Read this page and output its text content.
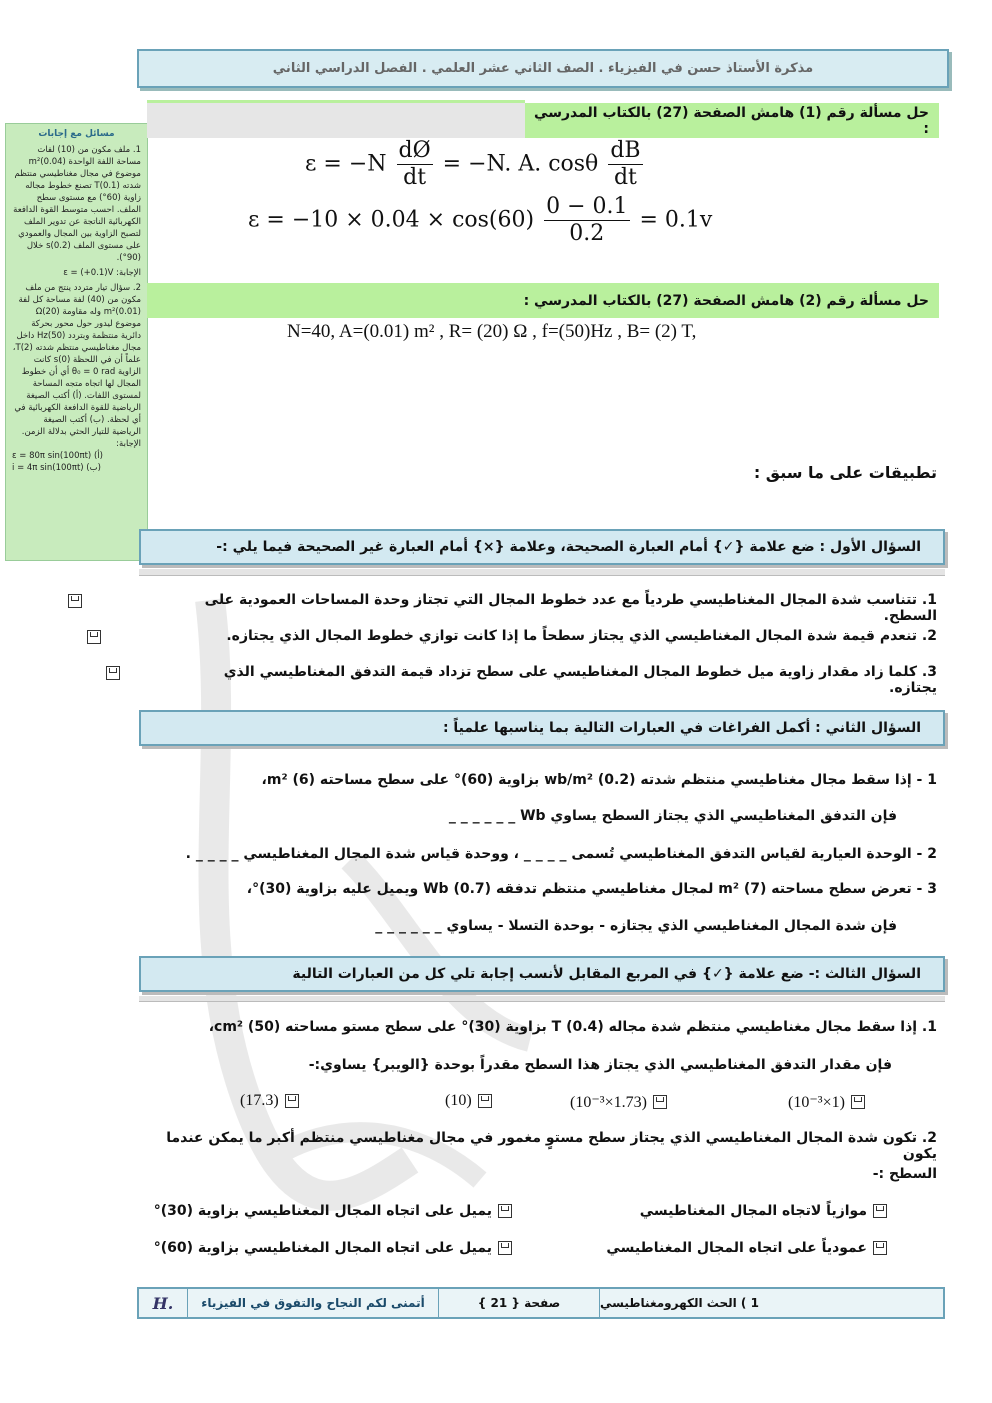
مذكرة الأستاذ حسن في الفيزياء . الصف الثاني عشر العلمي . الفصل الدراسي الثاني
مسائل مع إجابات
1. ملف مكون من (10) لفات مساحة اللفة الواحدة (0.04)m² موضوع في مجال مغناطيسي منتظم شدته (0.1)T تصنع خطوط مجاله زاوية (60°) مع مستوى سطح الملف. احسب متوسط القوة الدافعة الكهربائية الناتجة عن تدوير الملف لتصبح الزاوية بين المجال والعمودي على مستوى الملف (0.2)s خلال (90°).
الإجابة: ε = (+0.1)V
2. سؤال تيار متردد ينتج من ملف مكون من (40) لفة مساحة كل لفة (0.01)m² وله مقاومة (20)Ω موضوع ليدور حول محور بحركة دائرية منتظمة وبتردد (50)Hz داخل مجال مغناطيسي منتظم شدته (2)T، علماً أن في اللحظة (0)s كانت الزاوية θ₀ = 0 rad أي أن خطوط المجال لها اتجاه متجه المساحة لمستوى اللفات. (أ) أكتب الصيغة الرياضية للقوة الدافعة الكهربائية في أي لحظة. (ب) أكتب الصيغة الرياضية للتيار الحثي بدلالة الزمن.
الإجابة:
ε = 80π sin(100πt) (أ)
i = 4π sin(100πt) (ب)
حل مسألة رقم (1) هامش الصفحة (27) بالكتاب المدرسي :
$\varepsilon = -N \frac{dØ}{dt} = -N$. A. cosθ $\frac{dB}{dt}$
$\varepsilon = -10 \times 0.04 \times \cos(60) \frac{0 - 0.1}{0.2} = 0.1v$
حل مسألة رقم (2) هامش الصفحة (27) بالكتاب المدرسي :
N=40, A=(0.01) m² , R= (20) Ω , f=(50)Hz , B= (2) T,
تطبيقات على ما سبق :
السؤال الأول : ضع علامة {✓} أمام العبارة الصحيحة، وعلامة {×} أمام العبارة غير الصحيحة فيما يلي :-
1. تتناسب شدة المجال المغناطيسي طردياً مع عدد خطوط المجال التي تجتاز وحدة المساحات العمودية على السطح.
2. تنعدم قيمة شدة المجال المغناطيسي الذي يجتاز سطحاً ما إذا كانت توازي خطوط المجال الذي يجتازه.
3. كلما زاد مقدار زاوية ميل خطوط المجال المغناطيسي على سطح تزداد قيمة التدفق المغناطيسي الذي يجتازه.

السؤال الثاني : أكمل الفراغات في العبارات التالية بما يناسبها علمياً :
1 - إذا سقط مجال مغناطيسي منتظم شدته (0.2) wb/m² بزاوية (60)° على سطح مساحته (6) m²،
فإن التدفق المغناطيسي الذي يجتاز السطح يساوي Wb _ _ _ _ _ _
2 - الوحدة العيارية لقياس التدفق المغناطيسي تُسمى _ _ _ _ ، ووحدة قياس شدة المجال المغناطيسي _ _ _ _ .
3 - تعرض سطح مساحته (7) m² لمجال مغناطيسي منتظم تدفقه (0.7) Wb ويميل عليه بزاوية (30)°،
فإن شدة المجال المغناطيسي الذي يجتازه - بوحدة التسلا - يساوي _ _ _ _ _ _
السؤال الثالث :- ضع علامة {✓} في المربع المقابل لأنسب إجابة تلي كل من العبارات التالية
1. إذا سقط مجال مغناطيسي منتظم شدة مجاله (0.4) T بزاوية (30)° على سطح مستو مساحته (50) cm²،
فإن مقدار التدفق المغناطيسي الذي يجتاز هذا السطح مقدراً بوحدة {الويبر} يساوي:-
(1×10⁻³)
(1.73×10⁻³)
(10)
(17.3)
2. تكون شدة المجال المغناطيسي الذي يجتاز سطح مستوٍ مغمور في مجال مغناطيسي منتظم أكبر ما يمكن عندما يكون
السطح :-
موازياً لاتجاه المجال المغناطيسي
يميل على اتجاه المجال المغناطيسي بزاوية (30)°
عمودياً على اتجاه المجال المغناطيسي
يميل على اتجاه المجال المغناطيسي بزاوية (60)°
H.	أتمنى لكم النجاح والتفوق في الفيزياء	صفحة { 21 }	1 ) الحث الكهرومغناطيسي
